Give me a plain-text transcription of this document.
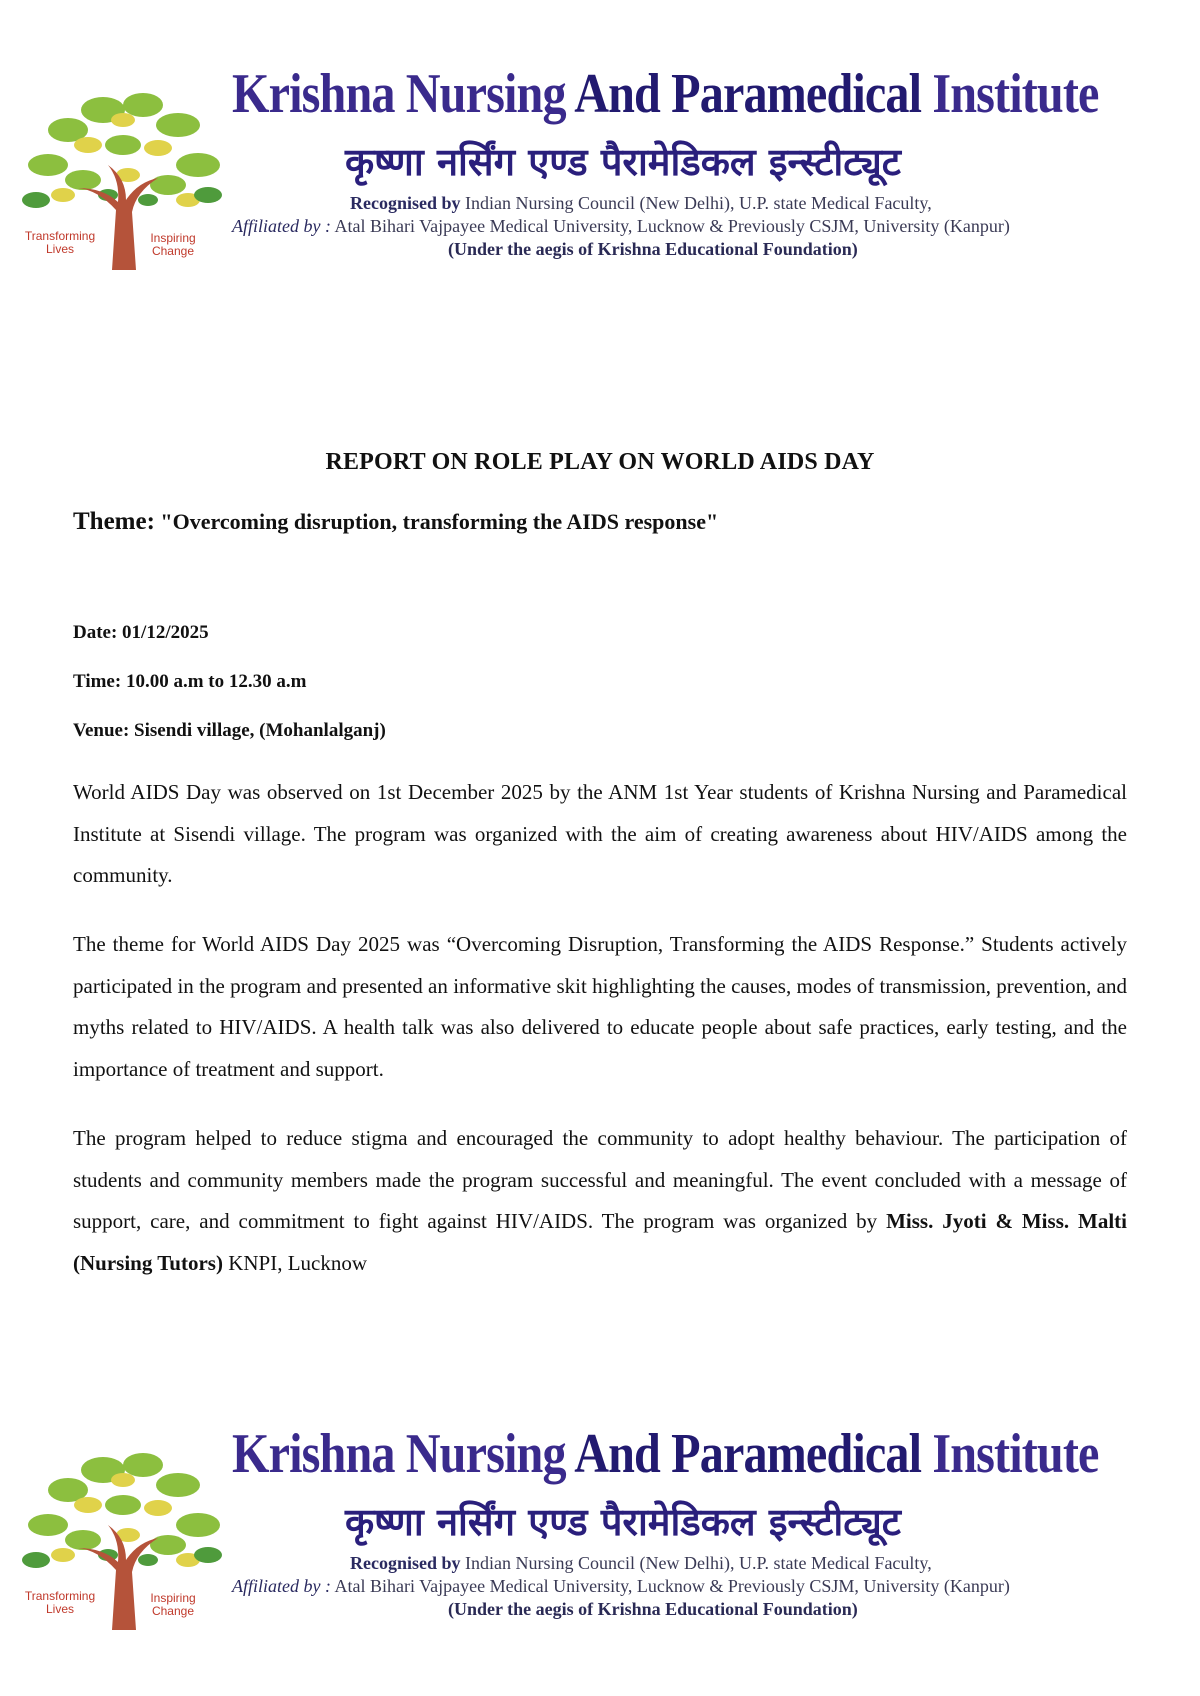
Transforming Lives
Inspiring Change
Krishna Nursing And Paramedical Institute
कृष्णा नर्सिंग एण्ड पैरामेडिकल इन्स्टीट्यूट
Recognised by Indian Nursing Council (New Delhi), U.P. state Medical Faculty,
Affiliated by : Atal Bihari Vajpayee Medical University, Lucknow & Previously CSJM, University (Kanpur)
(Under the aegis of Krishna Educational Foundation)
REPORT ON ROLE PLAY ON WORLD AIDS DAY
Theme: "Overcoming disruption, transforming the AIDS response"
Date: 01/12/2025
Time: 10.00 a.m to 12.30 a.m
Venue: Sisendi village, (Mohanlalganj)

World AIDS Day was observed on 1st December 2025 by the ANM 1st Year students of Krishna Nursing and Paramedical Institute at Sisendi village. The program was organized with the aim of creating awareness about HIV/AIDS among the community.

The theme for World AIDS Day 2025 was “Overcoming Disruption, Transforming the AIDS Response.” Students actively participated in the program and presented an informative skit highlighting the causes, modes of transmission, prevention, and myths related to HIV/AIDS. A health talk was also delivered to educate people about safe practices, early testing, and the importance of treatment and support.

The program helped to reduce stigma and encouraged the community to adopt healthy behaviour. The participation of students and community members made the program successful and meaningful. The event concluded with a message of support, care, and commitment to fight against HIV/AIDS. The program was organized by Miss. Jyoti & Miss. Malti (Nursing Tutors) KNPI, Lucknow

Transforming Lives
Inspiring Change
Krishna Nursing And Paramedical Institute
कृष्णा नर्सिंग एण्ड पैरामेडिकल इन्स्टीट्यूट
Recognised by Indian Nursing Council (New Delhi), U.P. state Medical Faculty,
Affiliated by : Atal Bihari Vajpayee Medical University, Lucknow & Previously CSJM, University (Kanpur)
(Under the aegis of Krishna Educational Foundation)
